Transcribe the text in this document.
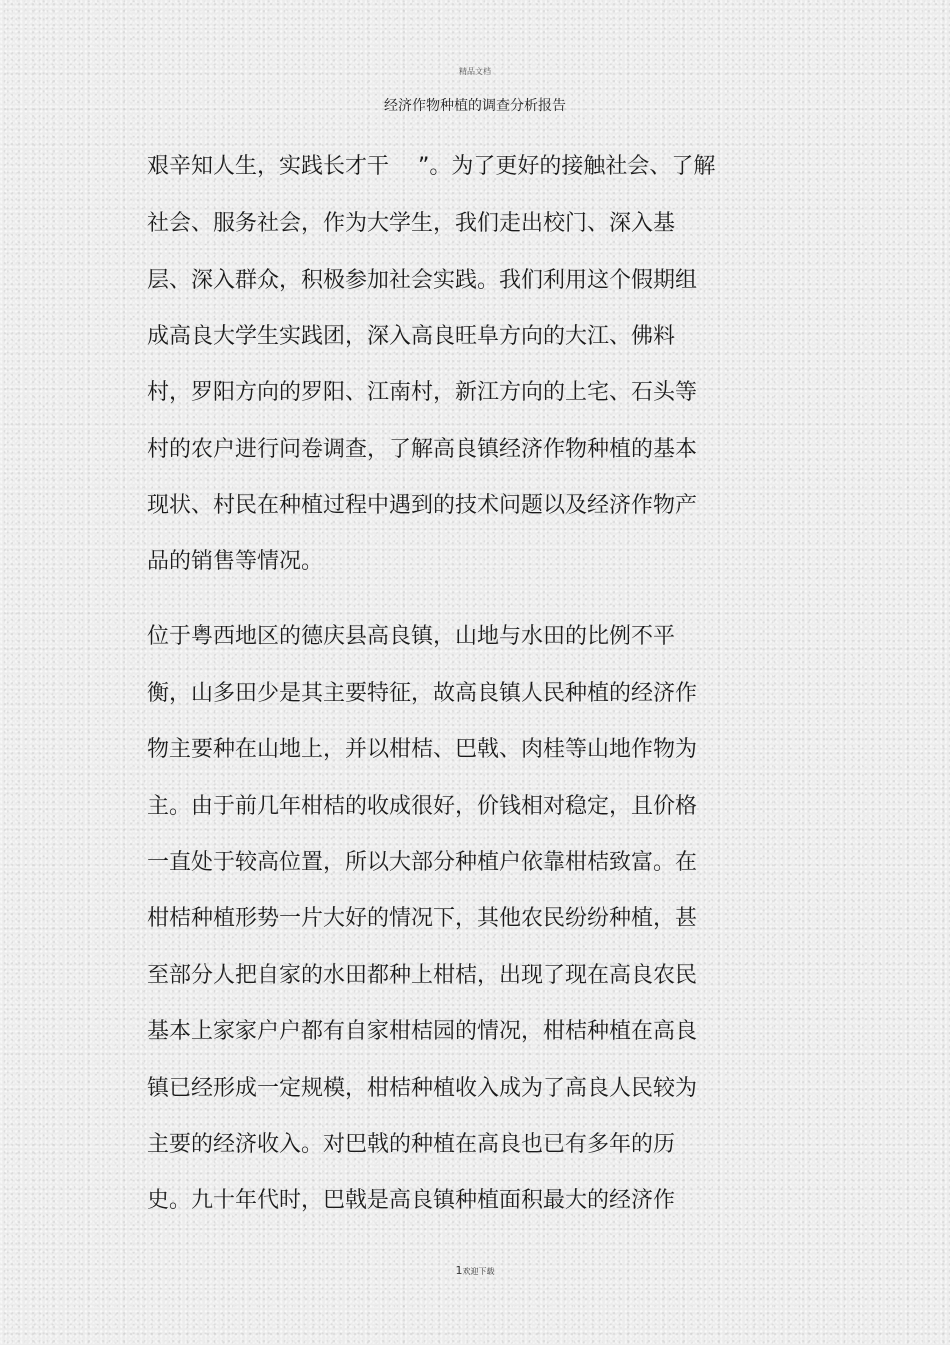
精品文档
经济作物种植的调查分析报告
艰辛知人生，实践长才干 　”。为了更好的接触社会、了解
社会、服务社会，作为大学生，我们走出校门、深入基
层、深入群众，积极参加社会实践。我们利用这个假期组
成高良大学生实践团，深入高良旺阜方向的大江、佛料
村，罗阳方向的罗阳、江南村，新江方向的上宅、石头等
村的农户进行问卷调查，了解高良镇经济作物种植的基本
现状、村民在种植过程中遇到的技术问题以及经济作物产
品的销售等情况。
位于粤西地区的德庆县高良镇，山地与水田的比例不平
衡，山多田少是其主要特征，故高良镇人民种植的经济作
物主要种在山地上，并以柑桔、巴戟、肉桂等山地作物为
主。由于前几年柑桔的收成很好，价钱相对稳定，且价格
一直处于较高位置，所以大部分种植户依靠柑桔致富。在
柑桔种植形势一片大好的情况下，其他农民纷纷种植，甚
至部分人把自家的水田都种上柑桔，出现了现在高良农民
基本上家家户户都有自家柑桔园的情况，柑桔种植在高良
镇已经形成一定规模，柑桔种植收入成为了高良人民较为
主要的经济收入。对巴戟的种植在高良也已有多年的历
史。九十年代时，巴戟是高良镇种植面积最大的经济作
1欢迎下载
